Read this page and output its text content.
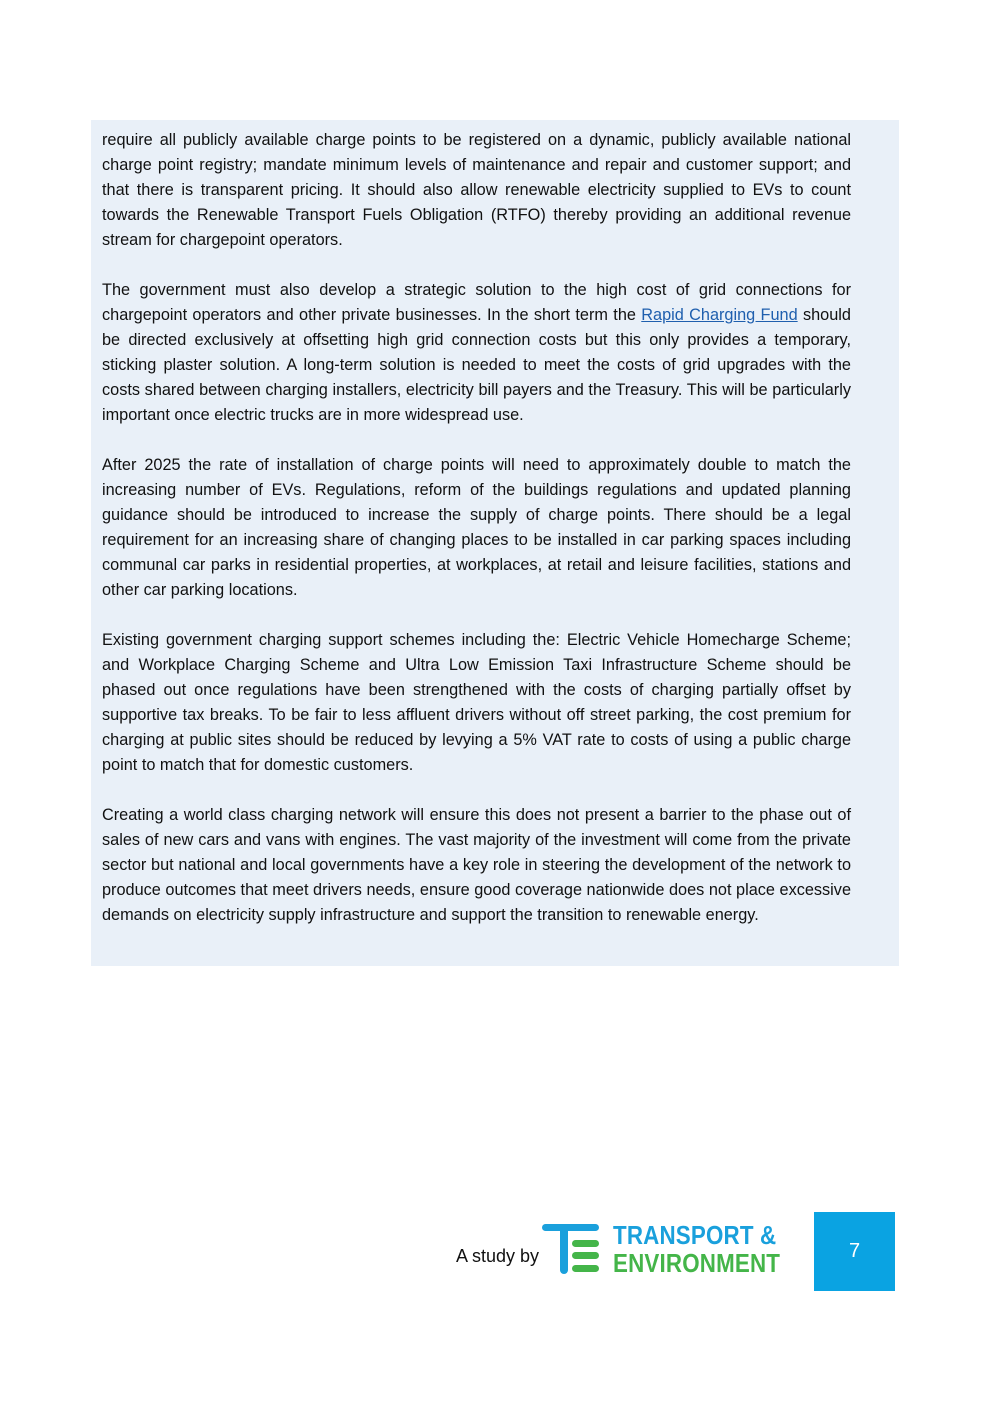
require all publicly available charge points to be registered on a dynamic, publicly available national charge point registry; mandate minimum levels of maintenance and repair and customer support; and that there is transparent pricing. It should also allow renewable electricity supplied to EVs to count towards the Renewable Transport Fuels Obligation (RTFO) thereby providing an additional revenue stream for chargepoint operators.

The government must also develop a strategic solution to the high cost of grid connections for chargepoint operators and other private businesses. In the short term the Rapid Charging Fund should be directed exclusively at offsetting high grid connection costs but this only provides a temporary, sticking plaster solution. A long-term solution is needed to meet the costs of grid upgrades with the costs shared between charging installers, electricity bill payers and the Treasury. This will be particularly important once electric trucks are in more widespread use.

After 2025 the rate of installation of charge points will need to approximately double to match the increasing number of EVs. Regulations, reform of the buildings regulations and updated planning guidance should be introduced to increase the supply of charge points. There should be a legal requirement for an increasing share of changing places to be installed in car parking spaces including communal car parks in residential properties, at workplaces, at retail and leisure facilities, stations and other car parking locations.

Existing government charging support schemes including the: Electric Vehicle Homecharge Scheme; and Workplace Charging Scheme and Ultra Low Emission Taxi Infrastructure Scheme should be phased out once regulations have been strengthened with the costs of charging partially offset by supportive tax breaks. To be fair to less affluent drivers without off street parking, the cost premium for charging at public sites should be reduced by levying a 5% VAT rate to costs of using a public charge point to match that for domestic customers.

Creating a world class charging network will ensure this does not present a barrier to the phase out of sales of new cars and vans with engines. The vast majority of the investment will come from the private sector but national and local governments have a key role in steering the development of the network to produce outcomes that meet drivers needs, ensure good coverage nationwide does not place excessive demands on electricity supply infrastructure and support the transition to renewable energy.

A study by
TRANSPORT &
ENVIRONMENT	7
